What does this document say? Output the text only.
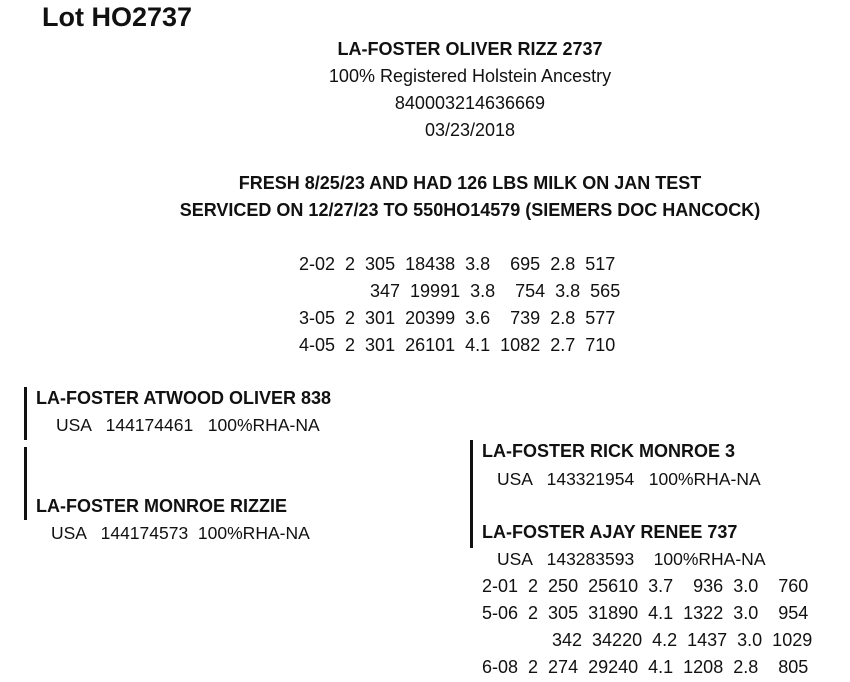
Lot HO2737
LA-FOSTER OLIVER RIZZ 2737
100% Registered Holstein Ancestry
840003214636669
03/23/2018
FRESH 8/25/23 AND HAD 126 LBS MILK ON JAN TEST
SERVICED ON 12/27/23 TO 550HO14579 (SIEMERS DOC HANCOCK)
2-02  2  305  18438  3.8    695  2.8  517
347  19991  3.8    754  3.8  565
3-05  2  301  20399  3.6    739  2.8  577
4-05  2  301  26101  4.1  1082  2.7  710
LA-FOSTER ATWOOD OLIVER 838
USA   144174461   100%RHA-NA
LA-FOSTER MONROE RIZZIE
USA   144174573  100%RHA-NA
LA-FOSTER RICK MONROE 3
USA   143321954   100%RHA-NA
LA-FOSTER AJAY RENEE 737
USA   143283593    100%RHA-NA
2-01  2  250  25610  3.7    936  3.0    760
5-06  2  305  31890  4.1  1322  3.0    954
342  34220  4.2  1437  3.0  1029
6-08  2  274  29240  4.1  1208  2.8    805
